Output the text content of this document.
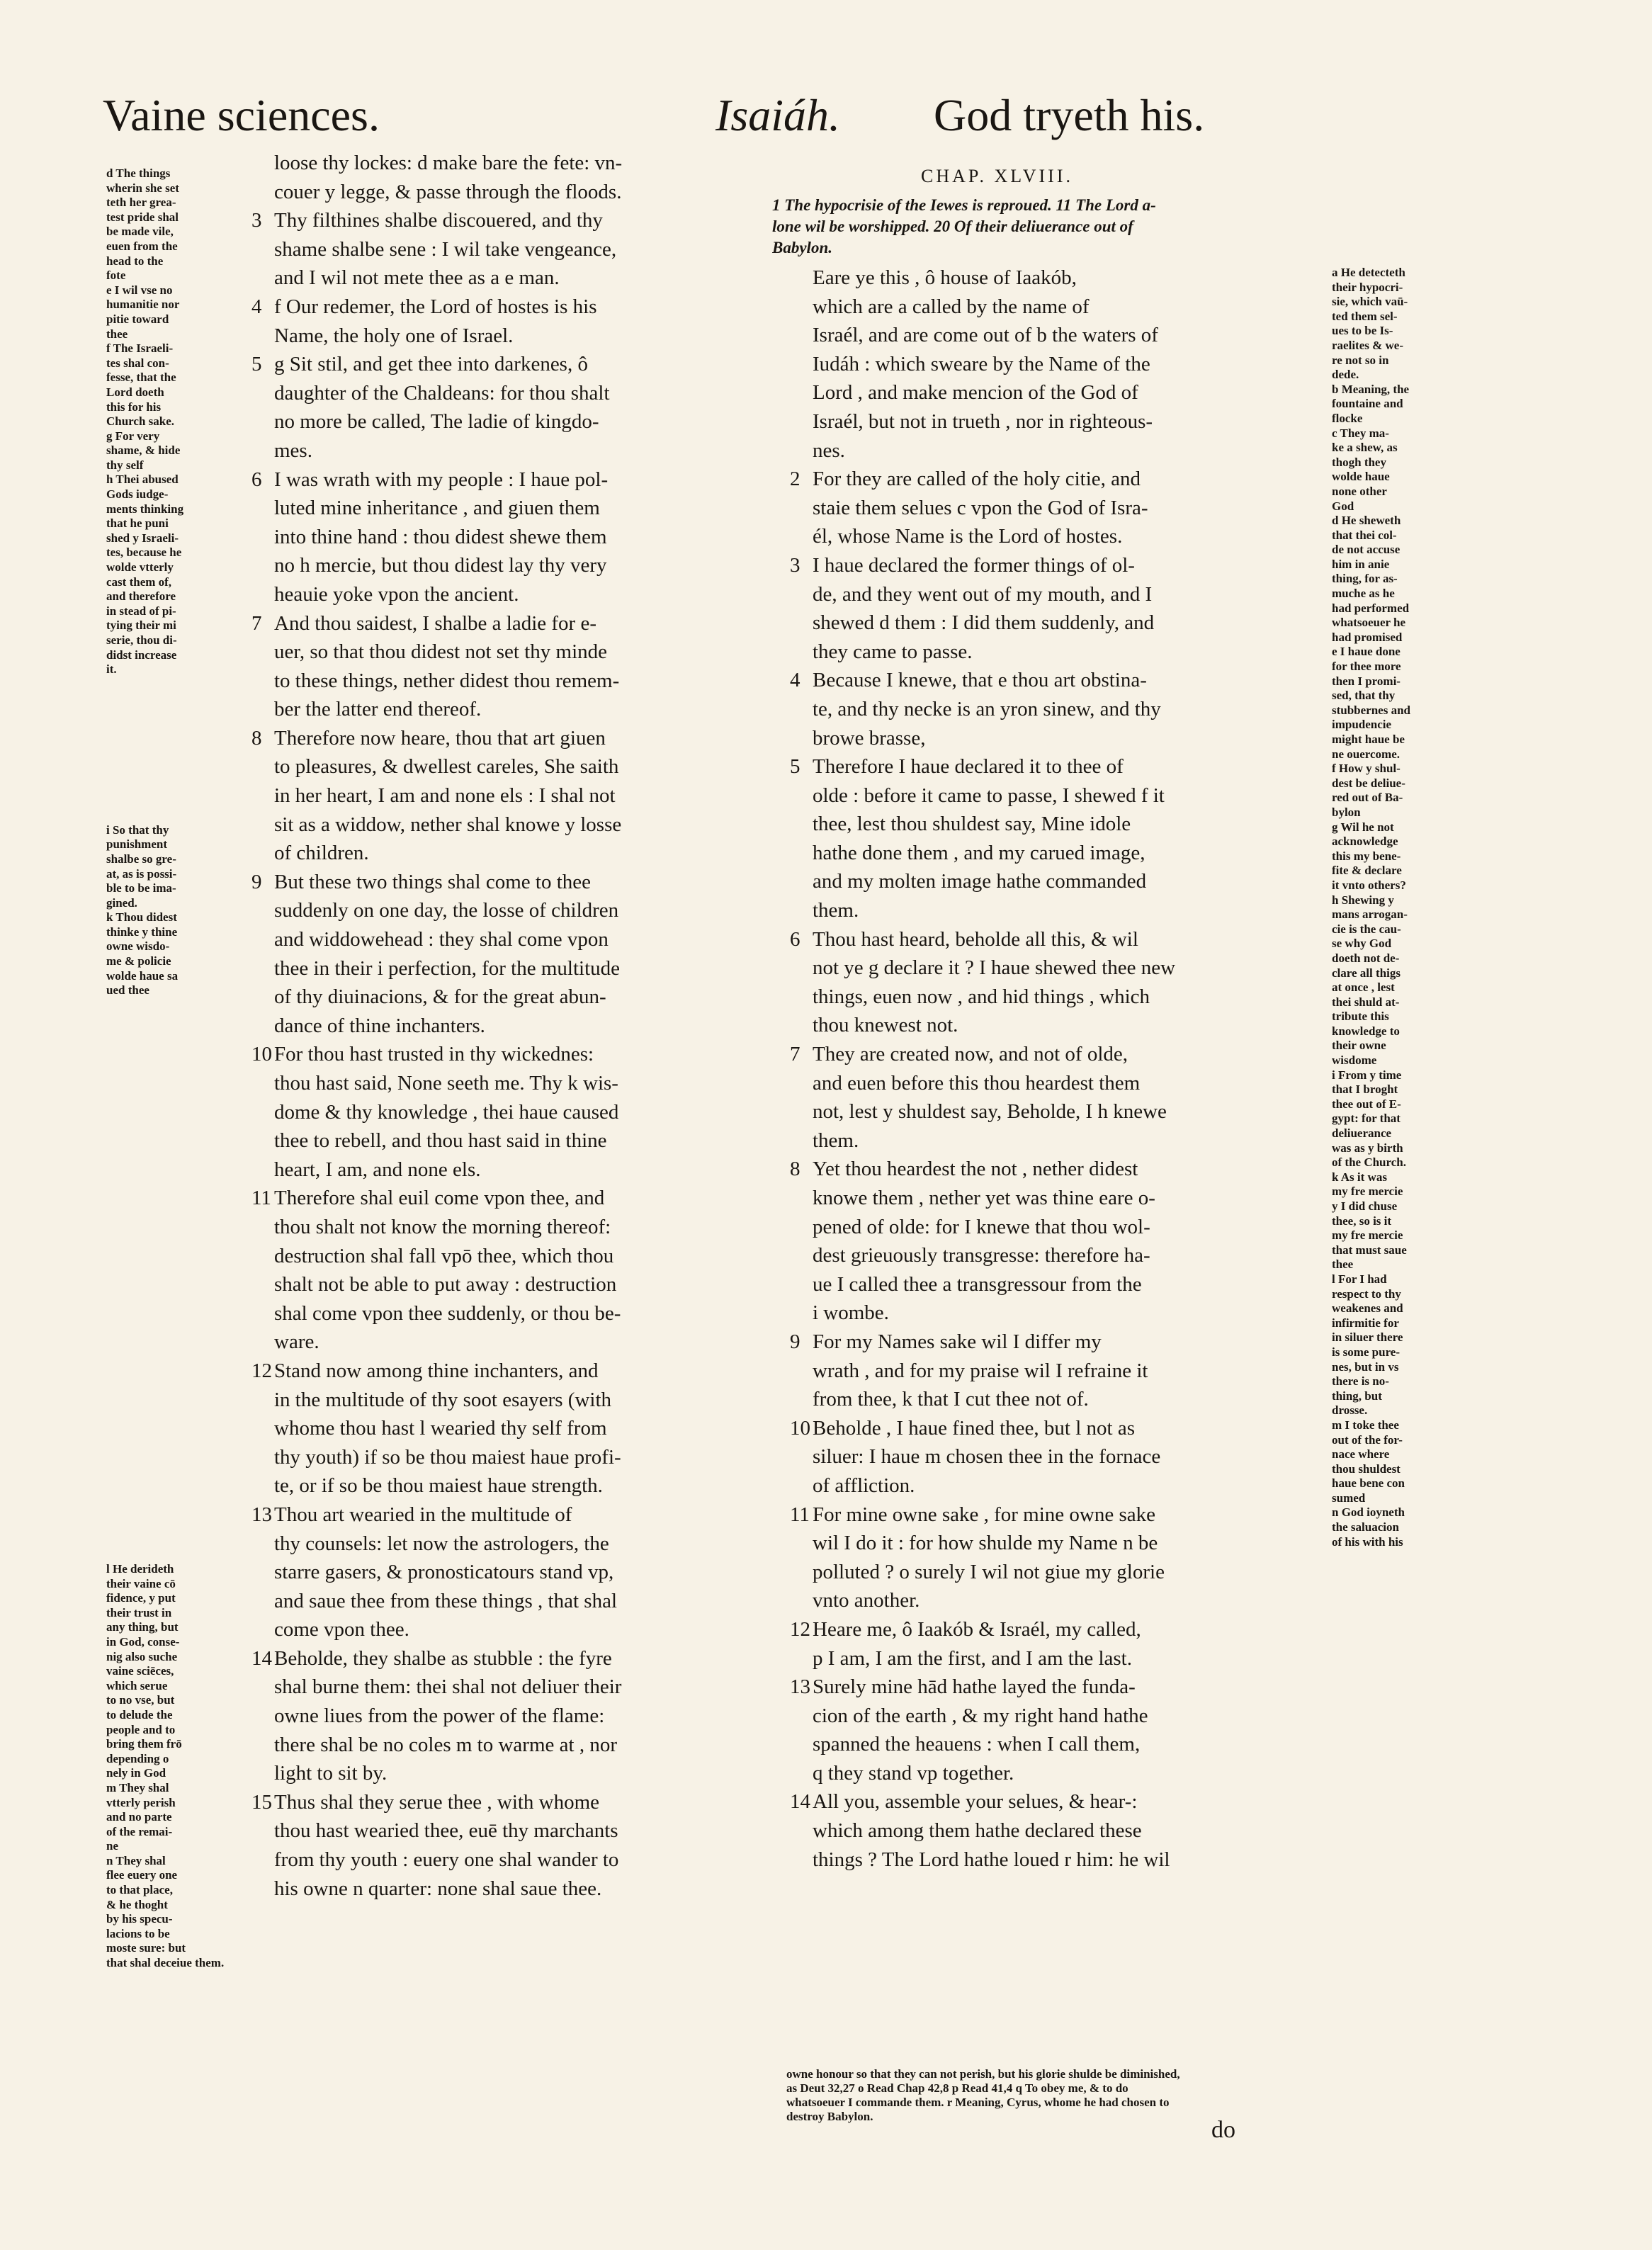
Vaine sciences.	Isaiáh. God tryeth his.
d The things
wherin she set
teth her grea-
test pride shal
be made vile,
euen from the
head to the
fote
e I wil vse no
humanitie nor
pitie toward
thee
f The Israeli-
tes shal con-
fesse, that the
Lord doeth
this for his
Church sake.
g For very
shame, & hide
thy self
h Thei abused
Gods iudge-
ments thinking
that he puni
shed y Israeli-
tes, because he
wolde vtterly
cast them of,
and therefore
in stead of pi-
tying their mi
serie, thou di-
didst increase
it.

i So that thy
punishment
shalbe so gre-
at, as is possi-
ble to be ima-
gined.
k Thou didest
thinke y thine
owne wisdo-
me & policie
wolde haue sa
ued thee
loose thy lockes: d make bare the fete: vn-
couer y legge, & passe through the floods.
3 Thy filthines shalbe discouered, and thy
shame shalbe sene : I wil take vengeance,
and I wil not mete thee as a e man.
4 f Our redemer, the Lord of hostes is his
Name, the holy one of Israel.
5 g Sit stil, and get thee into darkenes, ô
daughter of the Chaldeans: for thou shalt
no more be called, The ladie of kingdo-
mes.
6 I was wrath with my people : I haue pol-
luted mine inheritance , and giuen them
into thine hand : thou didest shewe them
no h mercie, but thou didest lay thy very
heauie yoke vpon the ancient.
7 And thou saidest, I shalbe a ladie for e-
uer, so that thou didest not set thy minde
to these things, nether didest thou remem-
ber the latter end thereof.
8 Therefore now heare, thou that art giuen
to pleasures, & dwellest careles, She saith
in her heart, I am and none els : I shal not
sit as a widdow, nether shal knowe y losse
of children.
9 But these two things shal come to thee
suddenly on one day, the losse of children
and widdowehead : they shal come vpon
thee in their i perfection, for the multitude
of thy diuinacions, & for the great abun-
dance of thine inchanters.
10 For thou hast trusted in thy wickednes:
thou hast said, None seeth me. Thy k wis-
dome & thy knowledge , thei haue caused
thee to rebell, and thou hast said in thine
heart, I am, and none els.
11 Therefore shal euil come vpon thee, and
thou shalt not know the morning thereof:
destruction shal fall vpō thee, which thou
shalt not be able to put away : destruction
shal come vpon thee suddenly, or thou be-
ware.
12 Stand now among thine inchanters, and
in the multitude of thy soot esayers (with
whome thou hast l wearied thy self from
thy youth) if so be thou maiest haue profi-
te, or if so be thou maiest haue strength.
13 Thou art wearied in the multitude of
thy counsels: let now the astrologers, the
starre gasers, & pronosticatours stand vp,
and saue thee from these things , that shal
come vpon thee.
14 Beholde, they shalbe as stubble : the fyre
shal burne them: thei shal not deliuer their
owne liues from the power of the flame:
there shal be no coles m to warme at , nor
light to sit by.
15 Thus shal they serue thee , with whome
thou hast wearied thee, euē thy marchants
from thy youth : euery one shal wander to
his owne n quarter: none shal saue thee.
CHAP. XLVIII.
1 The hypocrisie of the Iewes is reproued. 11 The Lord a-
lone wil be worshipped. 20 Of their deliuerance out of
Babylon.
Eare ye this , ô house of Iaakób,
which are a called by the name of
Israél, and are come out of b the waters of
Iudáh : which sweare by the Name of the
Lord , and make mencion of the God of
Israél, but not in trueth , nor in righteous-
nes.
2 For they are called of the holy citie, and
staie them selues c vpon the God of Isra-
él, whose Name is the Lord of hostes.
3 I haue declared the former things of ol-
de, and they went out of my mouth, and I
shewed d them : I did them suddenly, and
they came to passe.
4 Because I knewe, that e thou art obstina-
te, and thy necke is an yron sinew, and thy
browe brasse,
5 Therefore I haue declared it to thee of
olde : before it came to passe, I shewed f it
thee, lest thou shuldest say, Mine idole
hathe done them , and my carued image,
and my molten image hathe commanded
them.
6 Thou hast heard, beholde all this, & wil
not ye g declare it ? I haue shewed thee new
things, euen now , and hid things , which
thou knewest not.
7 They are created now, and not of olde,
and euen before this thou heardest them
not, lest y shuldest say, Beholde, I h knewe
them.
8 Yet thou heardest the not , nether didest
knowe them , nether yet was thine eare o-
pened of olde: for I knewe that thou wol-
dest grieuously transgresse: therefore ha-
ue I called thee a transgressour from the
i wombe.
9 For my Names sake wil I differ my
wrath , and for my praise wil I refraine it
from thee, k that I cut thee not of.
10 Beholde , I haue fined thee, but l not as
siluer: I haue m chosen thee in the fornace
of affliction.
11 For mine owne sake , for mine owne sake
wil I do it : for how shulde my Name n be
polluted ? o surely I wil not giue my glorie
vnto another.
12 Heare me, ô Iaakób & Israél, my called,
p I am, I am the first, and I am the last.
13 Surely mine hād hathe layed the funda-
cion of the earth , & my right hand hathe
spanned the heauens : when I call them,
q they stand vp together.
14 All you, assemble your selues, & hear-:
which among them hathe declared these
things ? The Lord hathe loued r him: he wil
a He detecteth
their hypocri-
sie, which vaū-
ted them sel-
ues to be Is-
raelites & we-
re not so in
dede.
b Meaning, the
fountaine and
flocke
c They ma-
ke a shew, as
thogh they
wolde haue
none other
God
d He sheweth
that thei col-
de not accuse
him in anie
thing, for as-
muche as he
had performed
whatsoeuer he
had promised
e I haue done
for thee more
then I promi-
sed, that thy
stubbernes and
impudencie
might haue be
ne ouercome.
f How y shul-
dest be deliue-
red out of Ba-
bylon
g Wil he not
acknowledge
this my bene-
fite & declare
it vnto others?
h Shewing y
mans arrogan-
cie is the cau-
se why God
doeth not de-
clare all thigs
at once , lest
thei shuld at-
tribute this
knowledge to
their owne
wisdome
i From y time
that I broght
thee out of E-
gypt: for that
deliuerance
was as y birth
of the Church.
k As it was
my fre mercie
y I did chuse
thee, so is it
my fre mercie
that must saue
thee
l For I had
respect to thy
weakenes and
infirmitie for
in siluer there
is some pure-
nes, but in vs
there is no-
thing, but
drosse.
m I toke thee
out of the for-
nace where
thou shuldest
haue bene con
sumed
n God ioyneth
the saluacion
of his with his
l He derideth
their vaine cō
fidence, y put
their trust in
any thing, but
in God, conse-
nig also suche
vaine sciēces,
which serue
to no vse, but
to delude the
people and to
bring them frō
depending o
nely in God
m They shal
vtterly perish
and no parte
of the remai-
ne
n They shal
flee euery one
to that place,
& he thoght
by his specu-
lacions to be
moste sure: but
that shal deceiue them.
owne honour so that they can not perish, but his glorie shulde be diminished,
as Deut 32,27 o Read Chap 42,8 p Read 41,4 q To obey me, & to do
whatsoeuer I commande them. r Meaning, Cyrus, whome he had chosen to
destroy Babylon.
do
